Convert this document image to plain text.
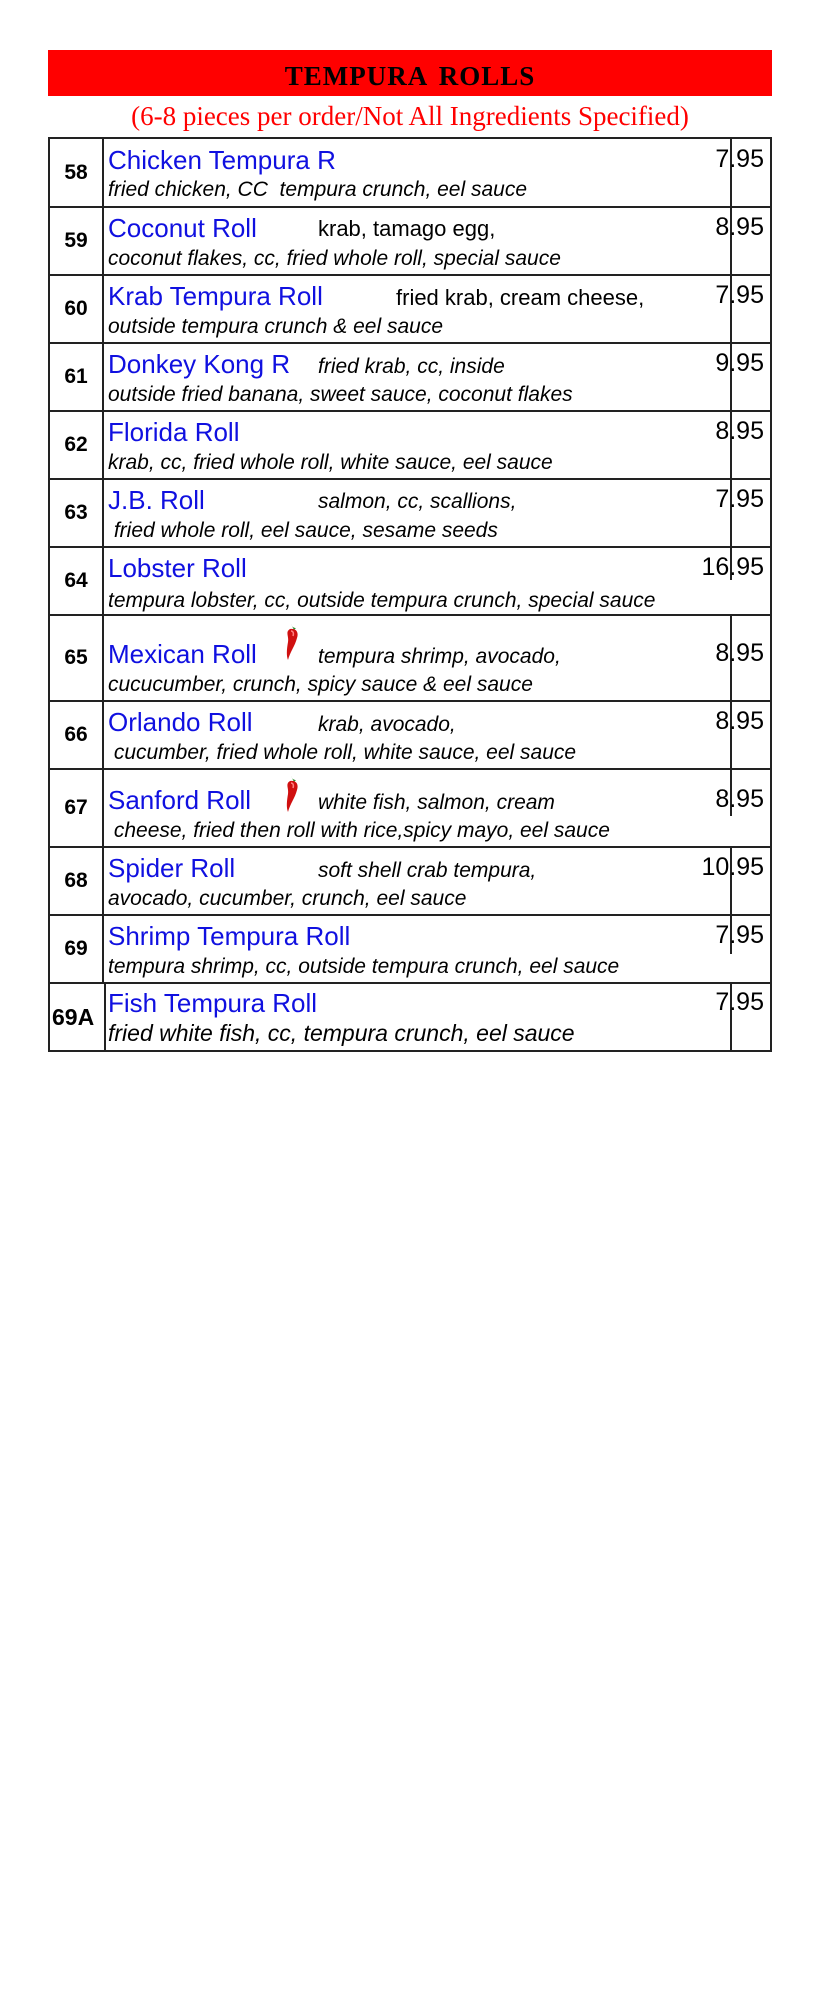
tempura rolls
(6-8 pieces per order/Not All Ingredients Specified)
58 Chicken Tempura R
fried chicken, CC  tempura crunch, eel sauce
7.95
59 Coconut Roll	krab, tamago egg,
coconut flakes, cc, fried whole roll, special sauce
8.95
60 Krab Tempura Roll	fried krab, cream cheese,
outside tempura crunch & eel sauce
7.95
61 Donkey Kong R fried krab, cc, inside
outside fried banana, sweet sauce, coconut flakes
9.95
62 Florida Roll
krab, cc, fried whole roll, white sauce, eel sauce
8.95
63 J.B. Roll	salmon, cc, scallions,
fried whole roll, eel sauce, sesame seeds
7.95
64 Lobster Roll
tempura lobster, cc, outside tempura crunch, special sauce
16.95
65 Mexican Roll	tempura shrimp, avocado,
cucucumber, crunch, spicy sauce & eel sauce
8.95
66 Orlando Roll	krab, avocado,
cucumber, fried whole roll, white sauce, eel sauce
8.95
67 Sanford Roll	white fish, salmon, cream
cheese, fried then roll with rice,spicy mayo, eel sauce
8.95
68 Spider Roll	soft shell crab tempura,
avocado, cucumber, crunch, eel sauce
10.95
69 Shrimp Tempura Roll
tempura shrimp, cc, outside tempura crunch, eel sauce
7.95
69A Fish Tempura Roll
fried white fish, cc, tempura crunch, eel sauce
7.95
